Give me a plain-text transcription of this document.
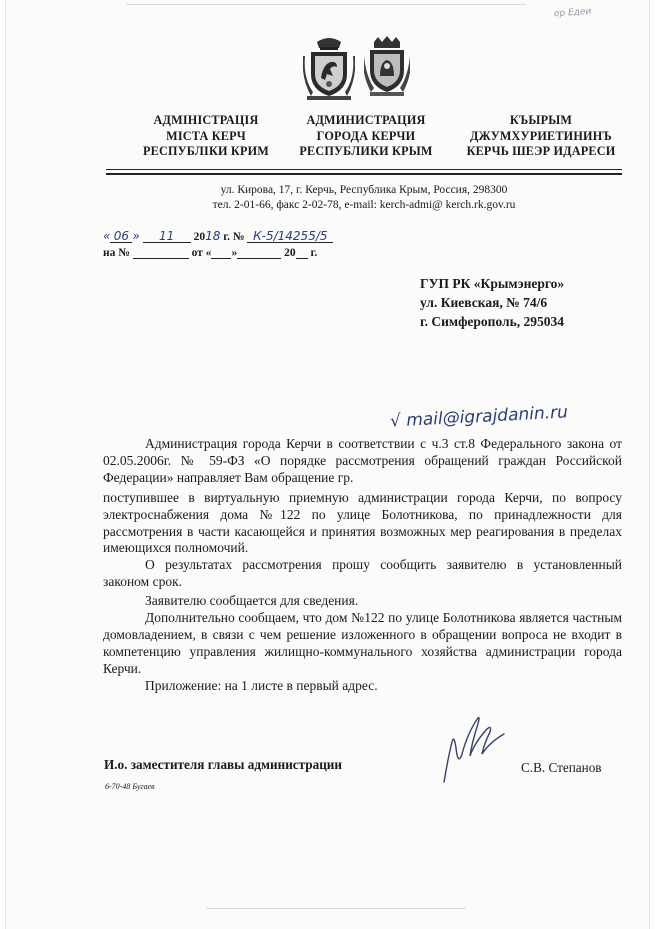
ор Едеи
АДМІНІСТРАЦІЯ
МІСТА КЕРЧ
РЕСПУБЛІКИ КРИМ
АДМИНИСТРАЦИЯ
ГОРОДА КЕРЧИ
РЕСПУБЛИКИ КРЫМ
КЪЫРЫМ
ДЖУМХУРИЕТИНИНЪ
КЕРЧЬ ШЕЭР ИДАРЕСИ
ул. Кирова, 17, г. Керчь, Республика Крым, Россия, 298300
тел. 2-01-66, факс 2-02-78, e-mail: kerch-admi@ kerch.rk.gov.ru
« 06 » 11 2018 г. № К-5/14255/5
на №	от « »	20 г.
ГУП РК «Крымэнерго»
ул. Киевская, № 74/6
г. Симферополь, 295034
√ mail@igrajdanin.ru

Администрация города Керчи в соответствии с ч.3 ст.8 Федерального закона от 02.05.2006г. № 59-ФЗ «О порядке рассмотрения обращений граждан Российской Федерации» направляет Вам обращение гр.

поступившее в виртуальную приемную администрации города Керчи, по вопросу электроснабжения дома №122 по улице Болотникова, по принадлежности для рассмотрения в части касающейся и принятия возможных мер реагирования в пределах имеющихся полномочий.

О результатах рассмотрения прошу сообщить заявителю в установленный законом срок.

Заявителю сообщается для сведения.

Дополнительно сообщаем, что дом №122 по улице Болотникова является частным домовладением, в связи с чем решение изложенного в обращении вопроса не входит в компетенцию управления жилищно-коммунального хозяйства администрации города Керчи.

Приложение: на 1 листе в первый адрес.

И.о. заместителя главы администрации	С.В. Степанов
6-70-48 Бугаев
